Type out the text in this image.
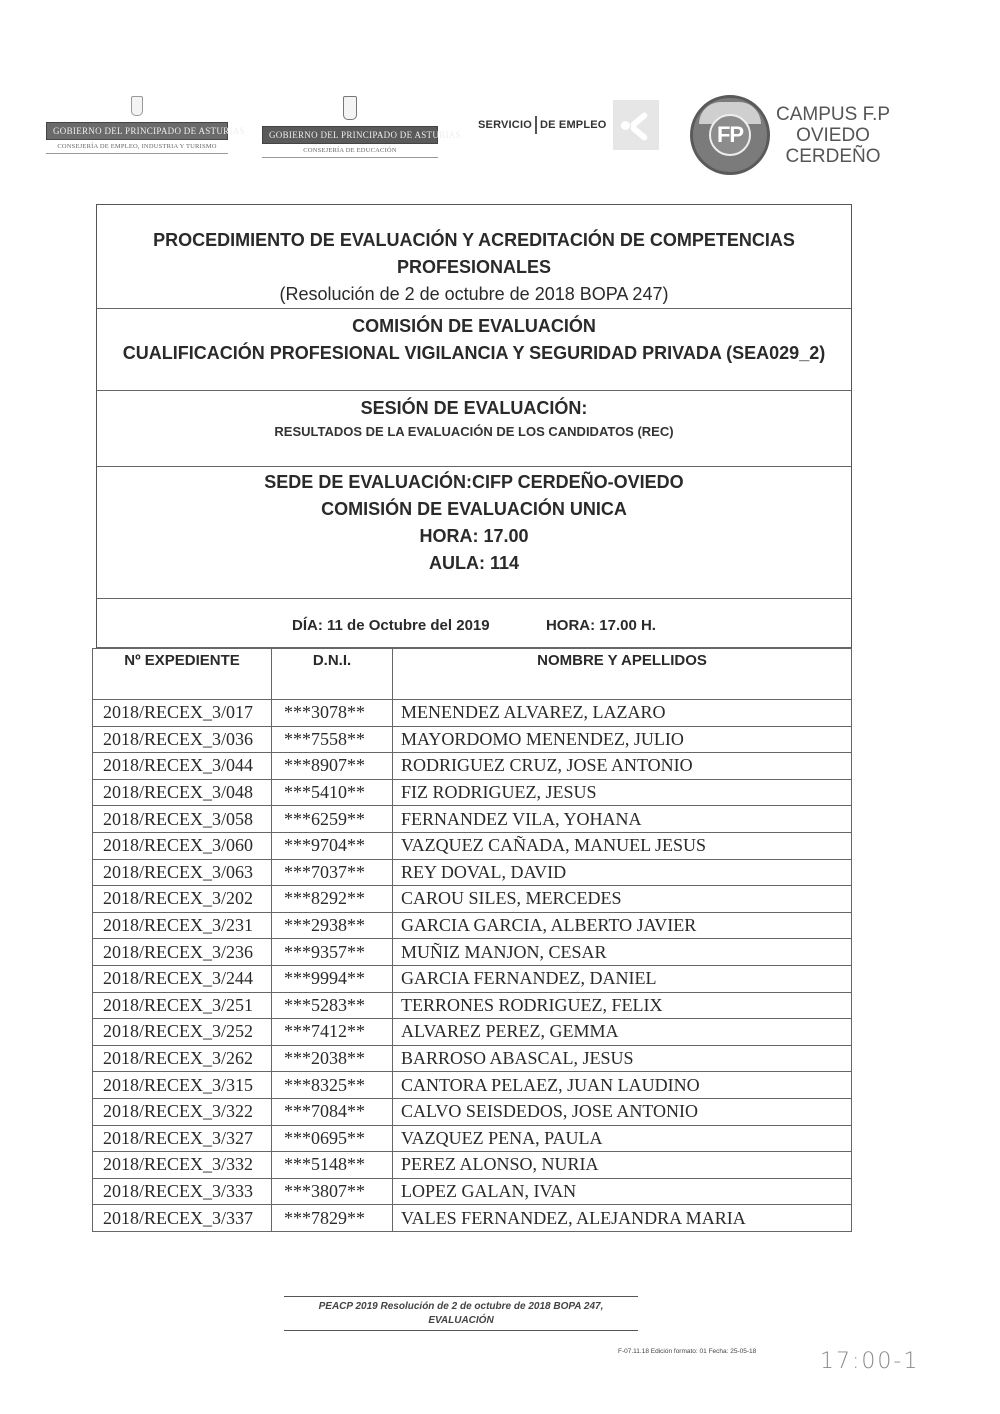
GOBIERNO DEL PRINCIPADO DE ASTURIAS
CONSEJERÍA DE EMPLEO, INDUSTRIA Y TURISMO
GOBIERNO DEL PRINCIPADO DE ASTURIAS
CONSEJERÍA DE EDUCACIÓN
SERVICIO DE EMPLEO	FP
CAMPUS F.P
OVIEDO
CERDEÑO
PROCEDIMIENTO DE EVALUACIÓN Y ACREDITACIÓN DE COMPETENCIAS
PROFESIONALES
(Resolución de 2 de octubre de 2018 BOPA 247)
COMISIÓN DE EVALUACIÓN
CUALIFICACIÓN PROFESIONAL VIGILANCIA Y SEGURIDAD PRIVADA (SEA029_2)
SESIÓN DE EVALUACIÓN:
RESULTADOS DE LA EVALUACIÓN DE LOS CANDIDATOS (REC)
SEDE DE EVALUACIÓN:CIFP CERDEÑO-OVIEDO
COMISIÓN DE EVALUACIÓN UNICA
HORA: 17.00
AULA: 114
DÍA: 11 de Octubre del 2019	HORA: 17.00 H.
Nº EXPEDIENTE	D.N.I.	NOMBRE Y APELLIDOS
2018/RECEX_3/017	***3078**	MENENDEZ ALVAREZ, LAZARO
2018/RECEX_3/036	***7558**	MAYORDOMO MENENDEZ, JULIO
2018/RECEX_3/044	***8907**	RODRIGUEZ CRUZ, JOSE ANTONIO
2018/RECEX_3/048	***5410**	FIZ RODRIGUEZ, JESUS
2018/RECEX_3/058	***6259**	FERNANDEZ VILA, YOHANA
2018/RECEX_3/060	***9704**	VAZQUEZ CAÑADA, MANUEL JESUS
2018/RECEX_3/063	***7037**	REY DOVAL, DAVID
2018/RECEX_3/202	***8292**	CAROU SILES, MERCEDES
2018/RECEX_3/231	***2938**	GARCIA GARCIA, ALBERTO JAVIER
2018/RECEX_3/236	***9357**	MUÑIZ MANJON, CESAR
2018/RECEX_3/244	***9994**	GARCIA FERNANDEZ, DANIEL
2018/RECEX_3/251	***5283**	TERRONES RODRIGUEZ, FELIX
2018/RECEX_3/252	***7412**	ALVAREZ PEREZ, GEMMA
2018/RECEX_3/262	***2038**	BARROSO ABASCAL, JESUS
2018/RECEX_3/315	***8325**	CANTORA PELAEZ, JUAN LAUDINO
2018/RECEX_3/322	***7084**	CALVO SEISDEDOS, JOSE ANTONIO
2018/RECEX_3/327	***0695**	VAZQUEZ PENA, PAULA
2018/RECEX_3/332	***5148**	PEREZ ALONSO, NURIA
2018/RECEX_3/333	***3807**	LOPEZ GALAN, IVAN
2018/RECEX_3/337	***7829**	VALES FERNANDEZ, ALEJANDRA MARIA
PEACP 2019 Resolución de 2 de octubre de 2018 BOPA 247,
EVALUACIÓN
F-07.11.18 Edición formato: 01 Fecha: 25-05-18	17:00-1
